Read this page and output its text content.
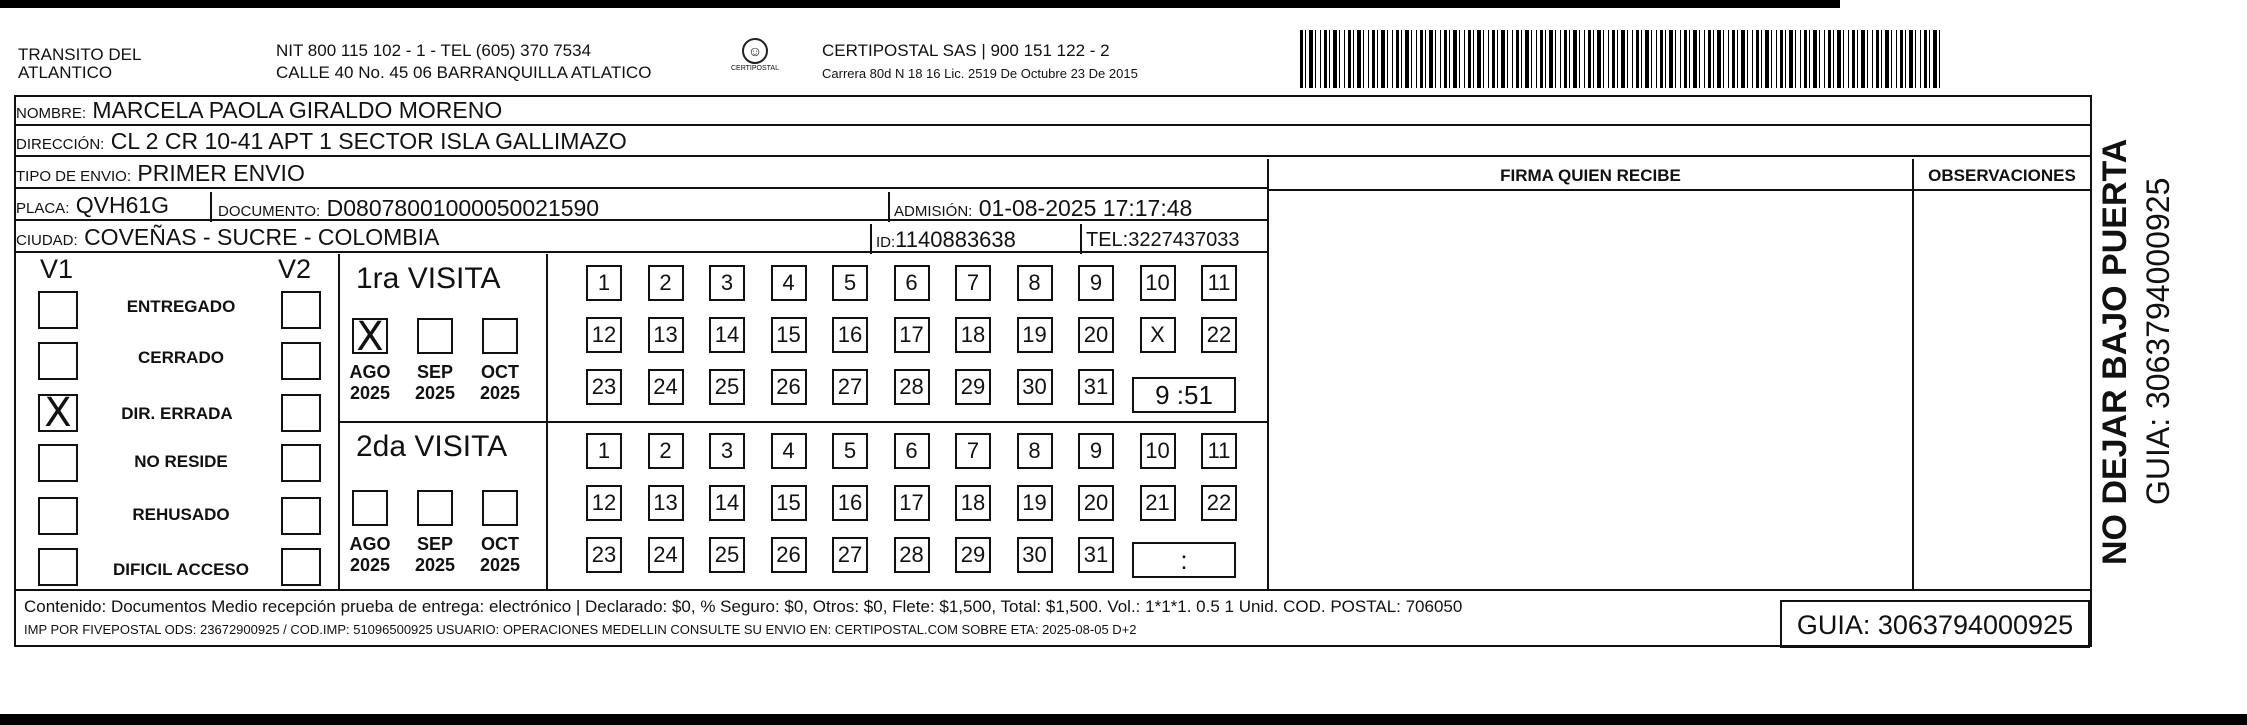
TRANSITO DEL
ATLANTICO
NIT 800 115 102 - 1 - TEL (605) 370 7534
CALLE 40 No. 45 06 BARRANQUILLA ATLATICO
☺
CERTIPOSTAL
CERTIPOSTAL SAS | 900 151 122 - 2
Carrera 80d N 18 16 Lic. 2519 De Octubre 23 De 2015
NOMBRE: MARCELA PAOLA GIRALDO MORENO
DIRECCIÓN: CL 2 CR 10-41 APT 1 SECTOR ISLA GALLIMAZO
TIPO DE ENVIO: PRIMER ENVIO
PLACA: QVH61G	DOCUMENTO: D08078001000050021590	ADMISIÓN: 01-08-2025 17:17:48
CIUDAD: COVEÑAS - SUCRE - COLOMBIA	ID:1140883638	TEL:3227437033
FIRMA QUIEN RECIBE	OBSERVACIONES
V1	V2
ENTREGADO
CERRADO
X	DIR. ERRADA
NO RESIDE
REHUSADO
DIFICIL ACCESO
1ra VISITA
X
AGO
2025
SEP
2025
OCT
2025
1	2	3	4	5	6	7	8	9	10 11
12 13 14 15 16 17 18 19 20	X	22
23 24 25 26 27 28 29 30 31	9 :51
2da VISITA
AGO
2025
SEP
2025
OCT
2025
1	2	3	4	5	6	7	8	9	10 11
12 13 14 15 16 17 18 19 20 21 22
23 24 25 26 27 28 29 30 31	:
Contenido: Documentos Medio recepción prueba de entrega: electrónico | Declarado: $0, % Seguro: $0, Otros: $0, Flete: $1,500, Total: $1,500. Vol.: 1*1*1. 0.5 1 Unid. COD. POSTAL: 706050
IMP POR FIVEPOSTAL ODS: 23672900925 / COD.IMP: 51096500925 USUARIO: OPERACIONES MEDELLIN CONSULTE SU ENVIO EN: CERTIPOSTAL.COM SOBRE ETA: 2025-08-05 D+2	GUIA: 3063794000925
NO DEJAR BAJO PUERTA GUIA: 3063794000925
